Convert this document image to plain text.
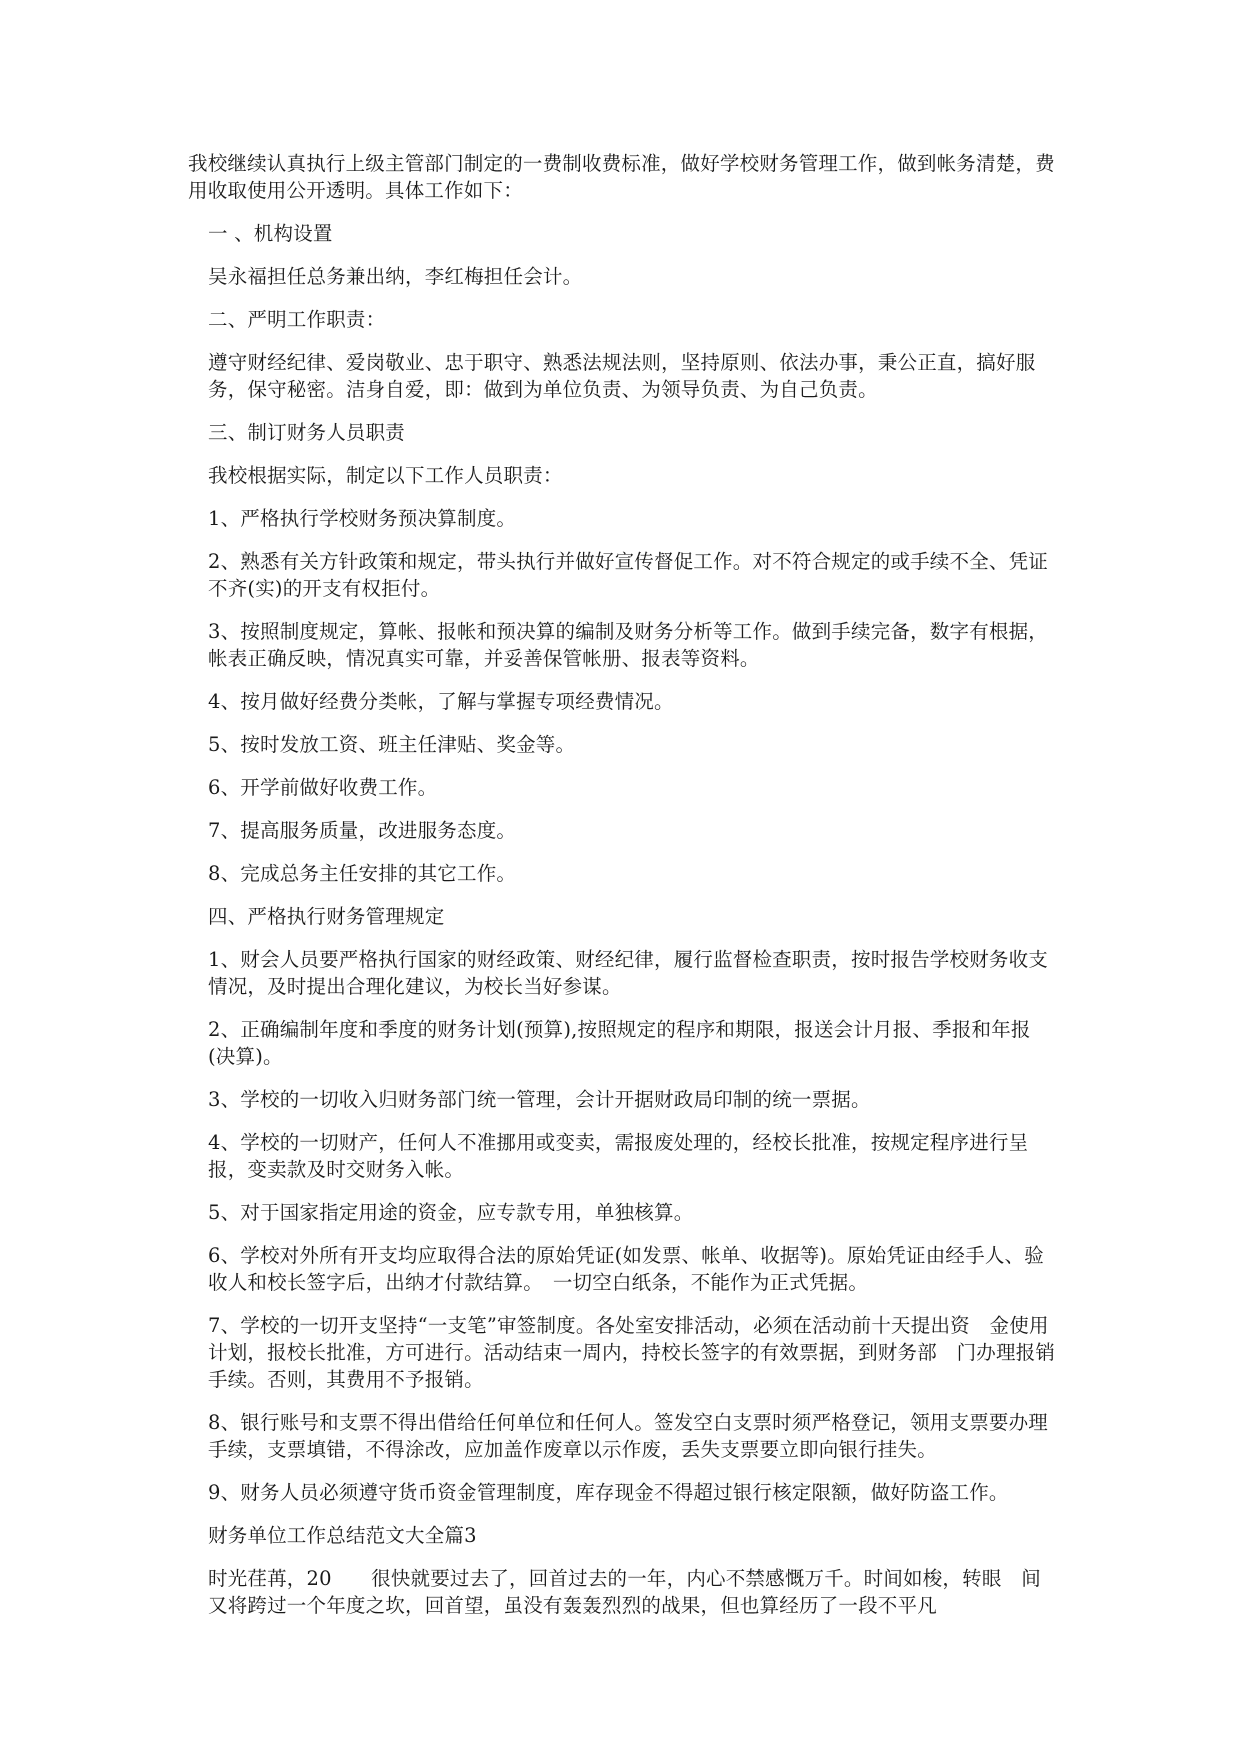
我校继续认真执行上级主管部门制定的一费制收费标准，做好学校财务管理工作，做到帐务清楚，费用收取使用公开透明。具体工作如下：

一 、机构设置

吴永福担任总务兼出纳，李红梅担任会计。

二、严明工作职责：

遵守财经纪律、爱岗敬业、忠于职守、熟悉法规法则，坚持原则、依法办事，秉公正直，搞好服务，保守秘密。洁身自爱，即：做到为单位负责、为领导负责、为自己负责。

三、制订财务人员职责

我校根据实际，制定以下工作人员职责：

1、严格执行学校财务预决算制度。

2、熟悉有关方针政策和规定，带头执行并做好宣传督促工作。对不符合规定的或手续不全、凭证不齐(实)的开支有权拒付。

3、按照制度规定，算帐、报帐和预决算的编制及财务分析等工作。做到手续完备，数字有根据，帐表正确反映，情况真实可靠，并妥善保管帐册、报表等资料。

4、按月做好经费分类帐，了解与掌握专项经费情况。

5、按时发放工资、班主任津贴、奖金等。

6、开学前做好收费工作。

7、提高服务质量，改进服务态度。

8、完成总务主任安排的其它工作。

四、严格执行财务管理规定

1、财会人员要严格执行国家的财经政策、财经纪律，履行监督检查职责，按时报告学校财务收支情况，及时提出合理化建议，为校长当好参谋。

2、正确编制年度和季度的财务计划(预算),按照规定的程序和期限，报送会计月报、季报和年报(决算)。

3、学校的一切收入归财务部门统一管理，会计开据财政局印制的统一票据。

4、学校的一切财产，任何人不准挪用或变卖，需报废处理的，经校长批准，按规定程序进行呈报，变卖款及时交财务入帐。

5、对于国家指定用途的资金，应专款专用，单独核算。

6、学校对外所有开支均应取得合法的原始凭证(如发票、帐单、收据等)。原始凭证由经手人、验收人和校长签字后，出纳才付款结算。　一切空白纸条，不能作为正式凭据。

7、学校的一切开支坚持“一支笔”审签制度。各处室安排活动，必须在活动前十天提出资　金使用计划，报校长批准，方可进行。活动结束一周内，持校长签字的有效票据，到财务部　门办理报销手续。否则，其费用不予报销。

8、银行账号和支票不得出借给任何单位和任何人。签发空白支票时须严格登记，领用支票要办理手续，支票填错，不得涂改，应加盖作废章以示作废，丢失支票要立即向银行挂失。

9、财务人员必须遵守货币资金管理制度，库存现金不得超过银行核定限额，做好防盗工作。

财务单位工作总结范文大全篇3

时光荏苒，20　　很快就要过去了，回首过去的一年，内心不禁感慨万千。时间如梭，转眼　间又将跨过一个年度之坎，回首望，虽没有轰轰烈烈的战果，但也算经历了一段不平凡
